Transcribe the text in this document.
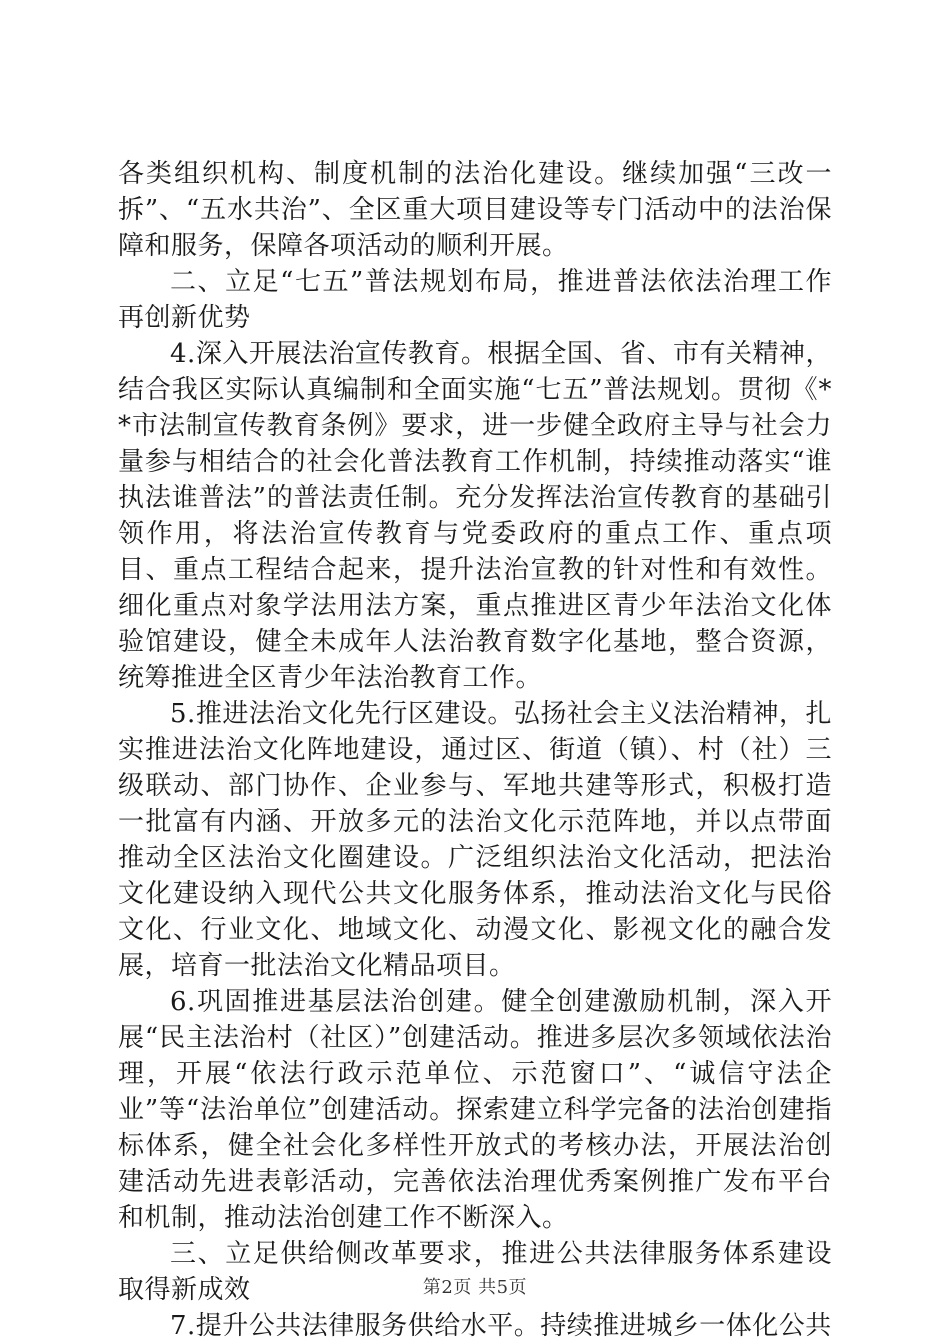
各类组织机构、制度机制的法治化建设。继续加强“三改一拆”、“五水共治”、全区重大项目建设等专门活动中的法治保障和服务，保障各项活动的顺利开展。

二、立足“七五”普法规划布局，推进普法依法治理工作再创新优势

4.深入开展法治宣传教育。根据全国、省、市有关精神，结合我区实际认真编制和全面实施“七五”普法规划。贯彻《**市法制宣传教育条例》要求，进一步健全政府主导与社会力量参与相结合的社会化普法教育工作机制，持续推动落实“谁执法谁普法”的普法责任制。充分发挥法治宣传教育的基础引领作用，将法治宣传教育与党委政府的重点工作、重点项目、重点工程结合起来，提升法治宣教的针对性和有效性。细化重点对象学法用法方案，重点推进区青少年法治文化体验馆建设，健全未成年人法治教育数字化基地，整合资源，统筹推进全区青少年法治教育工作。

5.推进法治文化先行区建设。弘扬社会主义法治精神，扎实推进法治文化阵地建设，通过区、街道（镇）、村（社）三级联动、部门协作、企业参与、军地共建等形式，积极打造一批富有内涵、开放多元的法治文化示范阵地，并以点带面推动全区法治文化圈建设。广泛组织法治文化活动，把法治文化建设纳入现代公共文化服务体系，推动法治文化与民俗文化、行业文化、地域文化、动漫文化、影视文化的融合发展，培育一批法治文化精品项目。

6.巩固推进基层法治创建。健全创建激励机制，深入开展“民主法治村（社区）”创建活动。推进多层次多领域依法治理，开展“依法行政示范单位、示范窗口”、“诚信守法企业”等“法治单位”创建活动。探索建立科学完备的法治创建指标体系，健全社会化多样性开放式的考核办法，开展法治创建活动先进表彰活动，完善依法治理优秀案例推广发布平台和机制，推动法治创建工作不断深入。

三、立足供给侧改革要求，推进公共法律服务体系建设取得新成效

7.提升公共法律服务供给水平。持续推进城乡一体化公共

第2页 共5页
